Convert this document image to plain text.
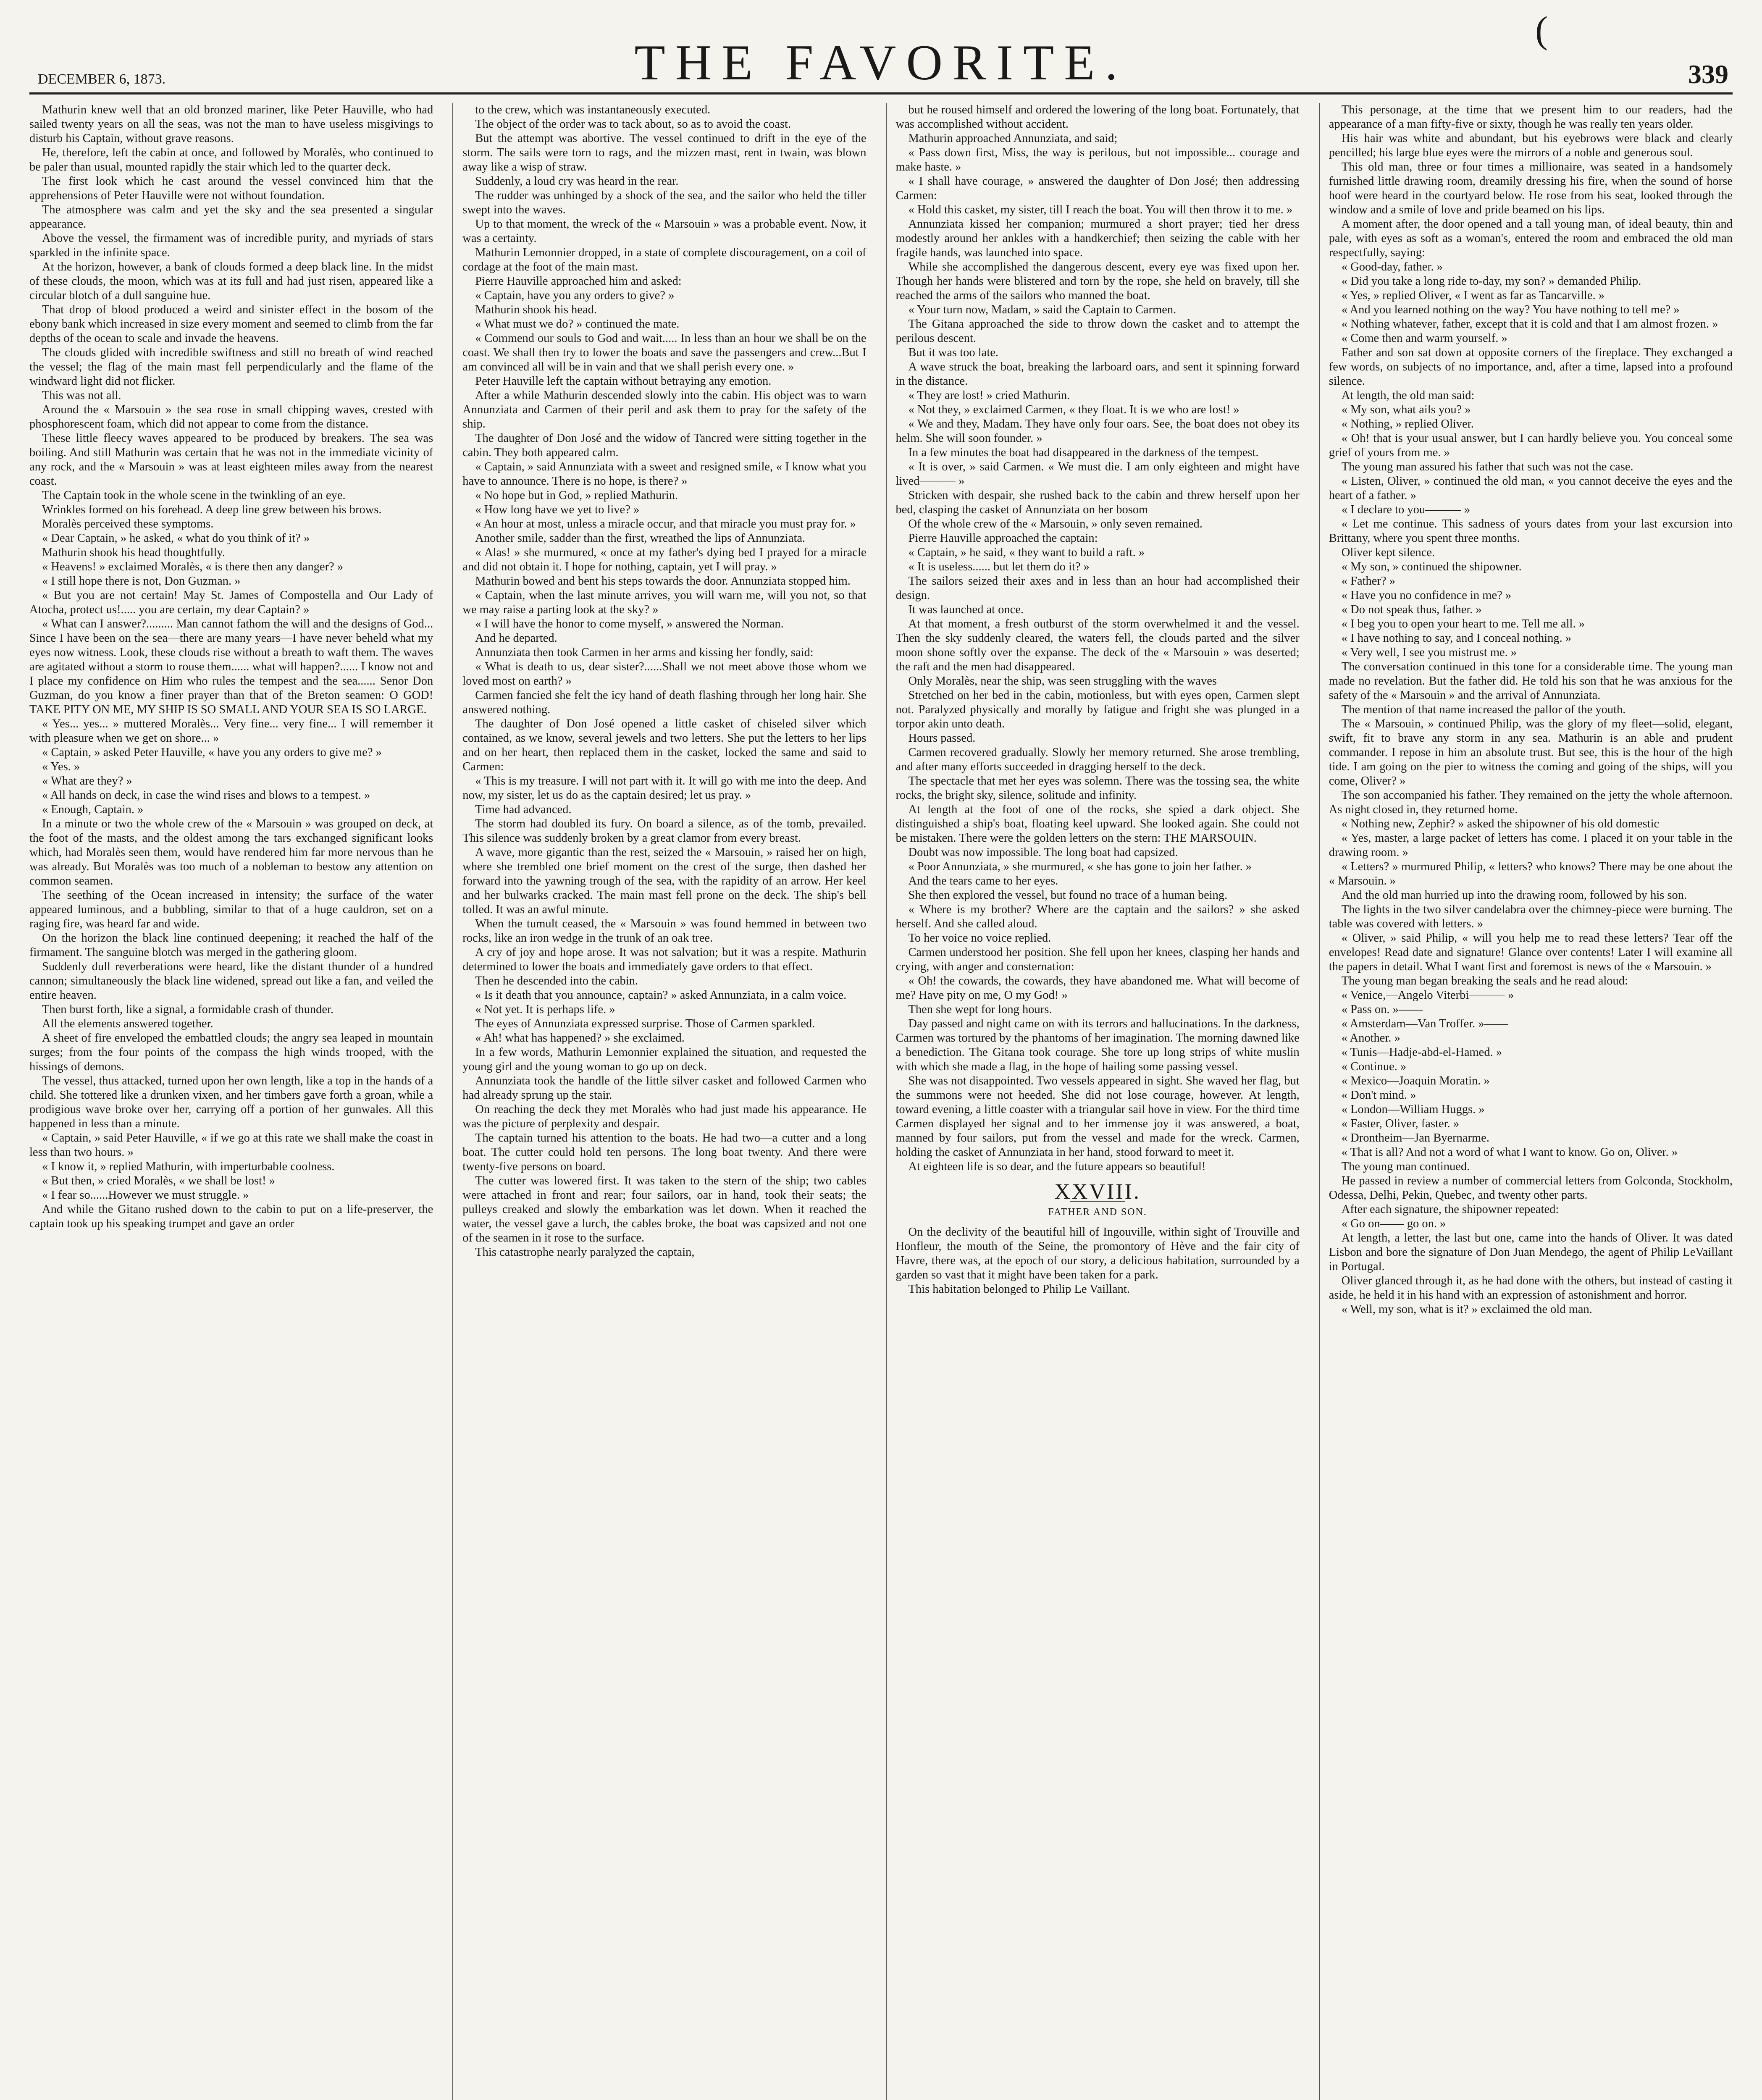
DECEMBER 6, 1873.	THE FAVORITE.
(
339

Mathurin knew well that an old bronzed mariner, like Peter Hauville, who had sailed twenty years on all the seas, was not the man to have useless misgivings to disturb his Captain, without grave reasons.

He, therefore, left the cabin at once, and followed by Moralès, who continued to be paler than usual, mounted rapidly the stair which led to the quarter deck.

The first look which he cast around the vessel convinced him that the apprehensions of Peter Hauville were not without foundation.

The atmosphere was calm and yet the sky and the sea presented a singular appearance.

Above the vessel, the firmament was of incredible purity, and myriads of stars sparkled in the infinite space.

At the horizon, however, a bank of clouds formed a deep black line. In the midst of these clouds, the moon, which was at its full and had just risen, appeared like a circular blotch of a dull sanguine hue.

That drop of blood produced a weird and sinister effect in the bosom of the ebony bank which increased in size every moment and seemed to climb from the far depths of the ocean to scale and invade the heavens.

The clouds glided with incredible swiftness and still no breath of wind reached the vessel; the flag of the main mast fell perpendicularly and the flame of the windward light did not flicker.

This was not all.

Around the « Marsouin » the sea rose in small chipping waves, crested with phosphorescent foam, which did not appear to come from the distance.

These little fleecy waves appeared to be produced by breakers. The sea was boiling. And still Mathurin was certain that he was not in the immediate vicinity of any rock, and the « Marsouin » was at least eighteen miles away from the nearest coast.

The Captain took in the whole scene in the twinkling of an eye.

Wrinkles formed on his forehead. A deep line grew between his brows.

Moralès perceived these symptoms.

« Dear Captain, » he asked, « what do you think of it? »

Mathurin shook his head thoughtfully.

« Heavens! » exclaimed Moralès, « is there then any danger? »

« I still hope there is not, Don Guzman. »

« But you are not certain! May St. James of Compostella and Our Lady of Atocha, protect us!..... you are certain, my dear Captain? »

« What can I answer?......... Man cannot fathom the will and the designs of God... Since I have been on the sea—there are many years—I have never beheld what my eyes now witness. Look, these clouds rise without a breath to waft them. The waves are agitated without a storm to rouse them...... what will happen?...... I know not and I place my confidence on Him who rules the tempest and the sea...... Senor Don Guzman, do you know a finer prayer than that of the Breton seamen: O GOD! TAKE PITY ON ME, MY SHIP IS SO SMALL AND YOUR SEA IS SO LARGE.

« Yes... yes... » muttered Moralès... Very fine... very fine... I will remember it with pleasure when we get on shore... »

« Captain, » asked Peter Hauville, « have you any orders to give me? »

« Yes. »

« What are they? »

« All hands on deck, in case the wind rises and blows to a tempest. »

« Enough, Captain. »

In a minute or two the whole crew of the « Marsouin » was grouped on deck, at the foot of the masts, and the oldest among the tars exchanged significant looks which, had Moralès seen them, would have rendered him far more nervous than he was already. But Moralès was too much of a nobleman to bestow any attention on common seamen.

The seething of the Ocean increased in intensity; the surface of the water appeared luminous, and a bubbling, similar to that of a huge cauldron, set on a raging fire, was heard far and wide.

On the horizon the black line continued deepening; it reached the half of the firmament. The sanguine blotch was merged in the gathering gloom.

Suddenly dull reverberations were heard, like the distant thunder of a hundred cannon; simultaneously the black line widened, spread out like a fan, and veiled the entire heaven.

Then burst forth, like a signal, a formidable crash of thunder.

All the elements answered together.

A sheet of fire enveloped the embattled clouds; the angry sea leaped in mountain surges; from the four points of the compass the high winds trooped, with the hissings of demons.

The vessel, thus attacked, turned upon her own length, like a top in the hands of a child. She tottered like a drunken vixen, and her timbers gave forth a groan, while a prodigious wave broke over her, carrying off a portion of her gunwales. All this happened in less than a minute.

« Captain, » said Peter Hauville, « if we go at this rate we shall make the coast in less than two hours. »

« I know it, » replied Mathurin, with imperturbable coolness.

« But then, » cried Moralès, « we shall be lost! »

« I fear so......However we must struggle. »

And while the Gitano rushed down to the cabin to put on a life-preserver, the captain took up his speaking trumpet and gave an order

to the crew, which was instantaneously executed.

The object of the order was to tack about, so as to avoid the coast.

But the attempt was abortive. The vessel continued to drift in the eye of the storm. The sails were torn to rags, and the mizzen mast, rent in twain, was blown away like a wisp of straw.

Suddenly, a loud cry was heard in the rear.

The rudder was unhinged by a shock of the sea, and the sailor who held the tiller swept into the waves.

Up to that moment, the wreck of the « Marsouin » was a probable event. Now, it was a certainty.

Mathurin Lemonnier dropped, in a state of complete discouragement, on a coil of cordage at the foot of the main mast.

Pierre Hauville approached him and asked:

« Captain, have you any orders to give? »

Mathurin shook his head.

« What must we do? » continued the mate.

« Commend our souls to God and wait..... In less than an hour we shall be on the coast. We shall then try to lower the boats and save the passengers and crew...But I am convinced all will be in vain and that we shall perish every one. »

Peter Hauville left the captain without betraying any emotion.

After a while Mathurin descended slowly into the cabin. His object was to warn Annunziata and Carmen of their peril and ask them to pray for the safety of the ship.

The daughter of Don José and the widow of Tancred were sitting together in the cabin. They both appeared calm.

« Captain, » said Annunziata with a sweet and resigned smile, « I know what you have to announce. There is no hope, is there? »

« No hope but in God, » replied Mathurin.

« How long have we yet to live? »

« An hour at most, unless a miracle occur, and that miracle you must pray for. »

Another smile, sadder than the first, wreathed the lips of Annunziata.

« Alas! » she murmured, « once at my father's dying bed I prayed for a miracle and did not obtain it. I hope for nothing, captain, yet I will pray. »

Mathurin bowed and bent his steps towards the door. Annunziata stopped him.

« Captain, when the last minute arrives, you will warn me, will you not, so that we may raise a parting look at the sky? »

« I will have the honor to come myself, » answered the Norman.

And he departed.

Annunziata then took Carmen in her arms and kissing her fondly, said:

« What is death to us, dear sister?......Shall we not meet above those whom we loved most on earth? »

Carmen fancied she felt the icy hand of death flashing through her long hair. She answered nothing.

The daughter of Don José opened a little casket of chiseled silver which contained, as we know, several jewels and two letters. She put the letters to her lips and on her heart, then replaced them in the casket, locked the same and said to Carmen:

« This is my treasure. I will not part with it. It will go with me into the deep. And now, my sister, let us do as the captain desired; let us pray. »

Time had advanced.

The storm had doubled its fury. On board a silence, as of the tomb, prevailed. This silence was suddenly broken by a great clamor from every breast.

A wave, more gigantic than the rest, seized the « Marsouin, » raised her on high, where she trembled one brief moment on the crest of the surge, then dashed her forward into the yawning trough of the sea, with the rapidity of an arrow. Her keel and her bulwarks cracked. The main mast fell prone on the deck. The ship's bell tolled. It was an awful minute.

When the tumult ceased, the « Marsouin » was found hemmed in between two rocks, like an iron wedge in the trunk of an oak tree.

A cry of joy and hope arose. It was not salvation; but it was a respite. Mathurin determined to lower the boats and immediately gave orders to that effect.

Then he descended into the cabin.

« Is it death that you announce, captain? » asked Annunziata, in a calm voice.

« Not yet. It is perhaps life. »

The eyes of Annunziata expressed surprise. Those of Carmen sparkled.

« Ah! what has happened? » she exclaimed.

In a few words, Mathurin Lemonnier explained the situation, and requested the young girl and the young woman to go up on deck.

Annunziata took the handle of the little silver casket and followed Carmen who had already sprung up the stair.

On reaching the deck they met Moralès who had just made his appearance. He was the picture of perplexity and despair.

The captain turned his attention to the boats. He had two—a cutter and a long boat. The cutter could hold ten persons. The long boat twenty. And there were twenty-five persons on board.

The cutter was lowered first. It was taken to the stern of the ship; two cables were attached in front and rear; four sailors, oar in hand, took their seats; the pulleys creaked and slowly the embarkation was let down. When it reached the water, the vessel gave a lurch, the cables broke, the boat was capsized and not one of the seamen in it rose to the surface.

This catastrophe nearly paralyzed the captain,

but he roused himself and ordered the lowering of the long boat. Fortunately, that was accomplished without accident.

Mathurin approached Annunziata, and said;

« Pass down first, Miss, the way is perilous, but not impossible... courage and make haste. »

« I shall have courage, » answered the daughter of Don José; then addressing Carmen:

« Hold this casket, my sister, till I reach the boat. You will then throw it to me. »

Annunziata kissed her companion; murmured a short prayer; tied her dress modestly around her ankles with a handkerchief; then seizing the cable with her fragile hands, was launched into space.

While she accomplished the dangerous descent, every eye was fixed upon her. Though her hands were blistered and torn by the rope, she held on bravely, till she reached the arms of the sailors who manned the boat.

« Your turn now, Madam, » said the Captain to Carmen.

The Gitana approached the side to throw down the casket and to attempt the perilous descent.

But it was too late.

A wave struck the boat, breaking the larboard oars, and sent it spinning forward in the distance.

« They are lost! » cried Mathurin.

« Not they, » exclaimed Carmen, « they float. It is we who are lost! »

« We and they, Madam. They have only four oars. See, the boat does not obey its helm. She will soon founder. »

In a few minutes the boat had disappeared in the darkness of the tempest.

« It is over, » said Carmen. « We must die. I am only eighteen and might have lived——— »

Stricken with despair, she rushed back to the cabin and threw herself upon her bed, clasping the casket of Annunziata on her bosom

Of the whole crew of the « Marsouin, » only seven remained.

Pierre Hauville approached the captain:

« Captain, » he said, « they want to build a raft. »

« It is useless...... but let them do it? »

The sailors seized their axes and in less than an hour had accomplished their design.

It was launched at once.

At that moment, a fresh outburst of the storm overwhelmed it and the vessel. Then the sky suddenly cleared, the waters fell, the clouds parted and the silver moon shone softly over the expanse. The deck of the « Marsouin » was deserted; the raft and the men had disappeared.

Only Moralès, near the ship, was seen struggling with the waves

Stretched on her bed in the cabin, motionless, but with eyes open, Carmen slept not. Paralyzed physically and morally by fatigue and fright she was plunged in a torpor akin unto death.

Hours passed.

Carmen recovered gradually. Slowly her memory returned. She arose trembling, and after many efforts succeeded in dragging herself to the deck.

The spectacle that met her eyes was solemn. There was the tossing sea, the white rocks, the bright sky, silence, solitude and infinity.

At length at the foot of one of the rocks, she spied a dark object. She distinguished a ship's boat, floating keel upward. She looked again. She could not be mistaken. There were the golden letters on the stern: THE MARSOUIN.

Doubt was now impossible. The long boat had capsized.

« Poor Annunziata, » she murmured, « she has gone to join her father. »

And the tears came to her eyes.

She then explored the vessel, but found no trace of a human being.

« Where is my brother? Where are the captain and the sailors? » she asked herself. And she called aloud.

To her voice no voice replied.

Carmen understood her position. She fell upon her knees, clasping her hands and crying, with anger and consternation:

« Oh! the cowards, the cowards, they have abandoned me. What will become of me? Have pity on me, O my God! »

Then she wept for long hours.

Day passed and night came on with its terrors and hallucinations. In the darkness, Carmen was tortured by the phantoms of her imagination. The morning dawned like a benediction. The Gitana took courage. She tore up long strips of white muslin with which she made a flag, in the hope of hailing some passing vessel.

She was not disappointed. Two vessels appeared in sight. She waved her flag, but the summons were not heeded. She did not lose courage, however. At length, toward evening, a little coaster with a triangular sail hove in view. For the third time Carmen displayed her signal and to her immense joy it was answered, a boat, manned by four sailors, put from the vessel and made for the wreck. Carmen, holding the casket of Annunziata in her hand, stood forward to meet it.

At eighteen life is so dear, and the future appears so beautiful!

XXVIII.
FATHER AND SON.

On the declivity of the beautiful hill of Ingouville, within sight of Trouville and Honfleur, the mouth of the Seine, the promontory of Hève and the fair city of Havre, there was, at the epoch of our story, a delicious habitation, surrounded by a garden so vast that it might have been taken for a park.

This habitation belonged to Philip Le Vaillant.

This personage, at the time that we present him to our readers, had the appearance of a man fifty-five or sixty, though he was really ten years older.

His hair was white and abundant, but his eyebrows were black and clearly pencilled; his large blue eyes were the mirrors of a noble and generous soul.

This old man, three or four times a millionaire, was seated in a handsomely furnished little drawing room, dreamily dressing his fire, when the sound of horse hoof were heard in the courtyard below. He rose from his seat, looked through the window and a smile of love and pride beamed on his lips.

A moment after, the door opened and a tall young man, of ideal beauty, thin and pale, with eyes as soft as a woman's, entered the room and embraced the old man respectfully, saying:

« Good-day, father. »

« Did you take a long ride to-day, my son? » demanded Philip.

« Yes, » replied Oliver, « I went as far as Tancarville. »

« And you learned nothing on the way? You have nothing to tell me? »

« Nothing whatever, father, except that it is cold and that I am almost frozen. »

« Come then and warm yourself. »

Father and son sat down at opposite corners of the fireplace. They exchanged a few words, on subjects of no importance, and, after a time, lapsed into a profound silence.

At length, the old man said:

« My son, what ails you? »

« Nothing, » replied Oliver.

« Oh! that is your usual answer, but I can hardly believe you. You conceal some grief of yours from me. »

The young man assured his father that such was not the case.

« Listen, Oliver, » continued the old man, « you cannot deceive the eyes and the heart of a father. »

« I declare to you——— »

« Let me continue. This sadness of yours dates from your last excursion into Brittany, where you spent three months.

Oliver kept silence.

« My son, » continued the shipowner.

« Father? »

« Have you no confidence in me? »

« Do not speak thus, father. »

« I beg you to open your heart to me. Tell me all. »

« I have nothing to say, and I conceal nothing. »

« Very well, I see you mistrust me. »

The conversation continued in this tone for a considerable time. The young man made no revelation. But the father did. He told his son that he was anxious for the safety of the « Marsouin » and the arrival of Annunziata.

The mention of that name increased the pallor of the youth.

The « Marsouin, » continued Philip, was the glory of my fleet—solid, elegant, swift, fit to brave any storm in any sea. Mathurin is an able and prudent commander. I repose in him an absolute trust. But see, this is the hour of the high tide. I am going on the pier to witness the coming and going of the ships, will you come, Oliver? »

The son accompanied his father. They remained on the jetty the whole afternoon. As night closed in, they returned home.

« Nothing new, Zephir? » asked the shipowner of his old domestic

« Yes, master, a large packet of letters has come. I placed it on your table in the drawing room. »

« Letters? » murmured Philip, « letters? who knows? There may be one about the « Marsouin. »

And the old man hurried up into the drawing room, followed by his son.

The lights in the two silver candelabra over the chimney-piece were burning. The table was covered with letters. »

« Oliver, » said Philip, « will you help me to read these letters? Tear off the envelopes! Read date and signature! Glance over contents! Later I will examine all the papers in detail. What I want first and foremost is news of the « Marsouin. »

The young man began breaking the seals and he read aloud:

« Venice,—Angelo Viterbi——— »

« Pass on. »——

« Amsterdam—Van Troffer. »——

« Another. »

« Tunis—Hadje-abd-el-Hamed. »

« Continue. »

« Mexico—Joaquin Moratin. »

« Don't mind. »

« London—William Huggs. »

« Faster, Oliver, faster. »

« Drontheim—Jan Byernarme.

« That is all? And not a word of what I want to know. Go on, Oliver. »

The young man continued.

He passed in review a number of commercial letters from Golconda, Stockholm, Odessa, Delhi, Pekin, Quebec, and twenty other parts.

After each signature, the shipowner repeated:

« Go on—— go on. »

At length, a letter, the last but one, came into the hands of Oliver. It was dated Lisbon and bore the signature of Don Juan Mendego, the agent of Philip LeVaillant in Portugal.

Oliver glanced through it, as he had done with the others, but instead of casting it aside, he held it in his hand with an expression of astonishment and horror.

« Well, my son, what is it? » exclaimed the old man.
